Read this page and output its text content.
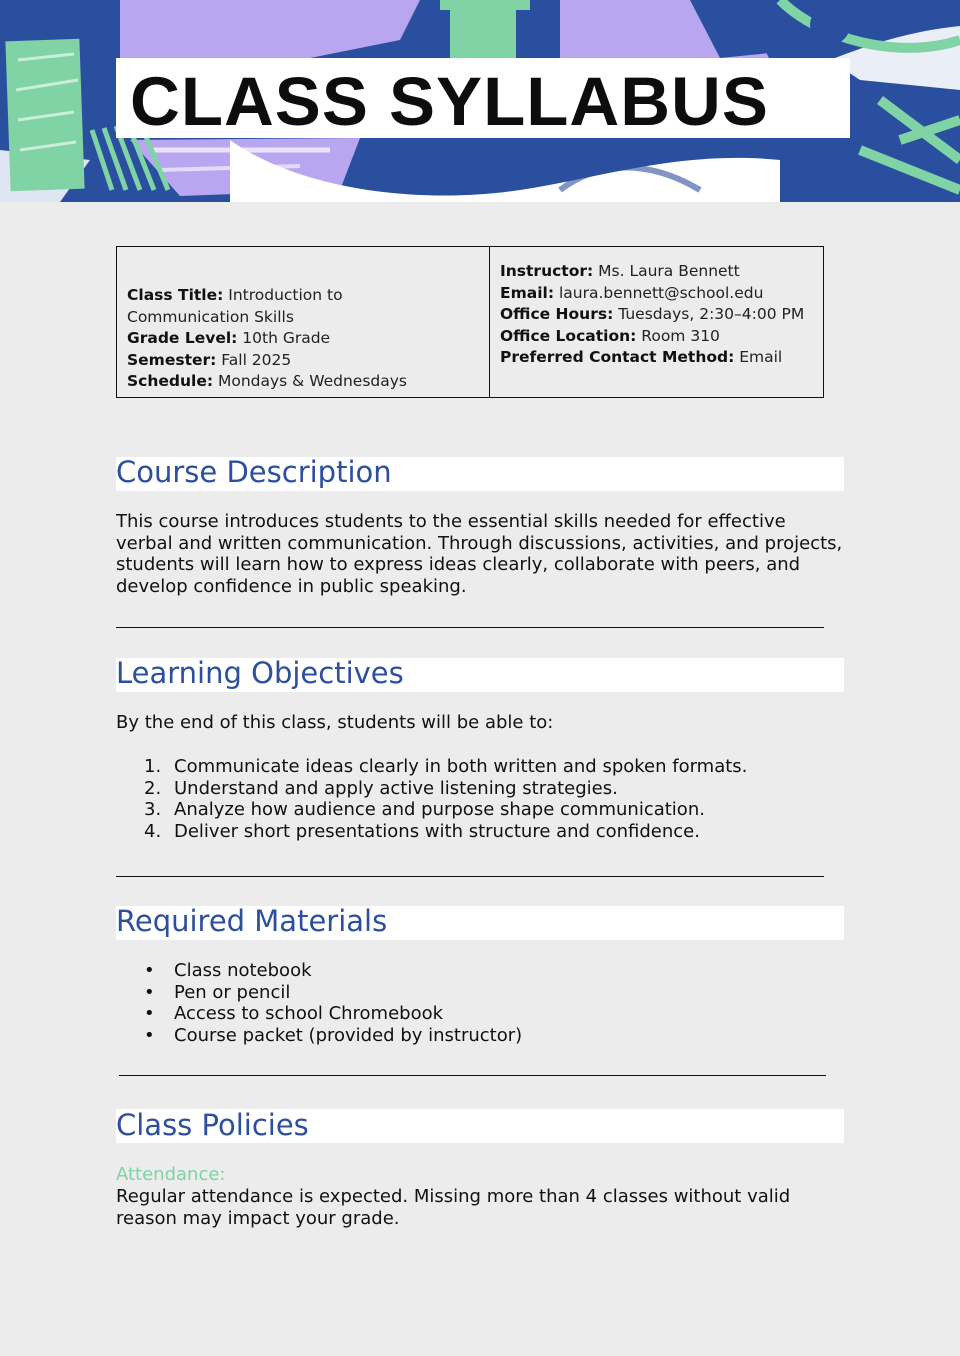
CLASS SYLLABUS
Class Title: Introduction to
Communication Skills
Grade Level: 10th Grade
Semester: Fall 2025
Schedule: Mondays & Wednesdays
Instructor: Ms. Laura Bennett
Email: laura.bennett@school.edu
Office Hours: Tuesdays, 2:30–4:00 PM
Office Location: Room 310
Preferred Contact Method: Email
Course Description
This course introduces students to the essential skills needed for effective verbal and written communication. Through discussions, activities, and projects, students will learn how to express ideas clearly, collaborate with peers, and develop confidence in public speaking.
Learning Objectives
By the end of this class, students will be able to:
1. Communicate ideas clearly in both written and spoken formats.
2. Understand and apply active listening strategies.
3. Analyze how audience and purpose shape communication.
4. Deliver short presentations with structure and confidence.
Required Materials
• Class notebook
• Pen or pencil
• Access to school Chromebook
• Course packet (provided by instructor)
Class Policies
Attendance:
Regular attendance is expected. Missing more than 4 classes without valid reason may impact your grade.
